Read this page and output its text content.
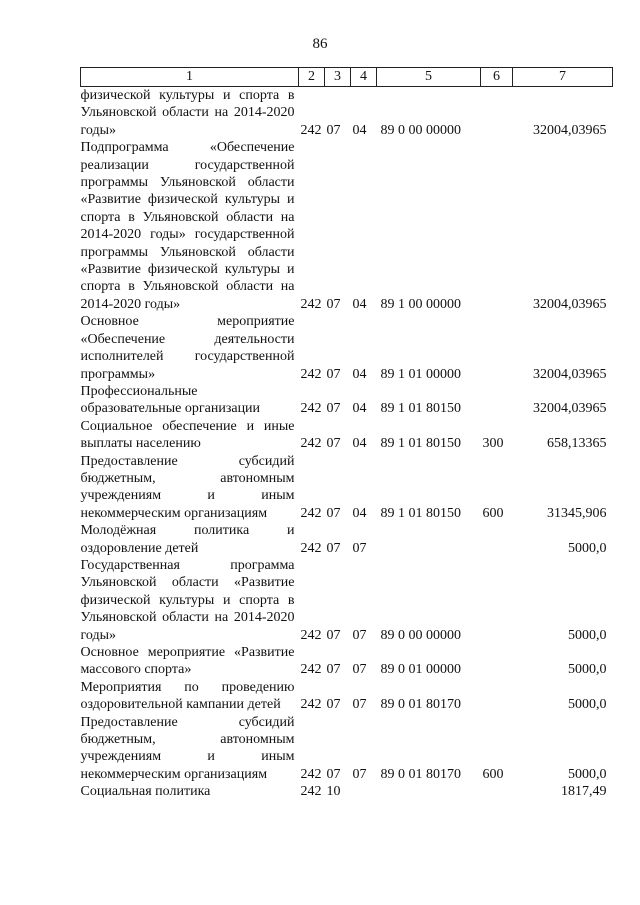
86
1	2	3	4	5	6	7
физической культуры и спорта в Ульяновской области на 2014-2020 годы»	242	07	04	89 0 00 00000		32004,03965
Подпрограмма «Обеспечение реализации государственной программы Ульяновской области «Развитие физической культуры и спорта в Ульяновской области на 2014-2020 годы» государственной программы Ульяновской области «Развитие физической культуры и спорта в Ульяновской области на 2014-2020 годы»	242	07	04	89 1 00 00000		32004,03965
Основное мероприятие «Обеспечение деятельности исполнителей государственной программы»	242	07	04	89 1 01 00000		32004,03965
Профессиональные образовательные организации	242	07	04	89 1 01 80150		32004,03965
Социальное обеспечение и иные выплаты населению	242	07	04	89 1 01 80150	300	658,13365
Предоставление субсидий бюджетным, автономным учреждениям и иным некоммерческим организациям	242	07	04	89 1 01 80150	600	31345,906
Молодёжная политика и оздоровление детей	242	07	07			5000,0
Государственная программа Ульяновской области «Развитие физической культуры и спорта в Ульяновской области на 2014-2020 годы»	242	07	07	89 0 00 00000		5000,0
Основное мероприятие «Развитие массового спорта»	242	07	07	89 0 01 00000		5000,0
Мероприятия по проведению оздоровительной кампании детей	242	07	07	89 0 01 80170		5000,0
Предоставление субсидий бюджетным, автономным учреждениям и иным некоммерческим организациям	242	07	07	89 0 01 80170	600	5000,0
Социальная политика	242	10				1817,49
